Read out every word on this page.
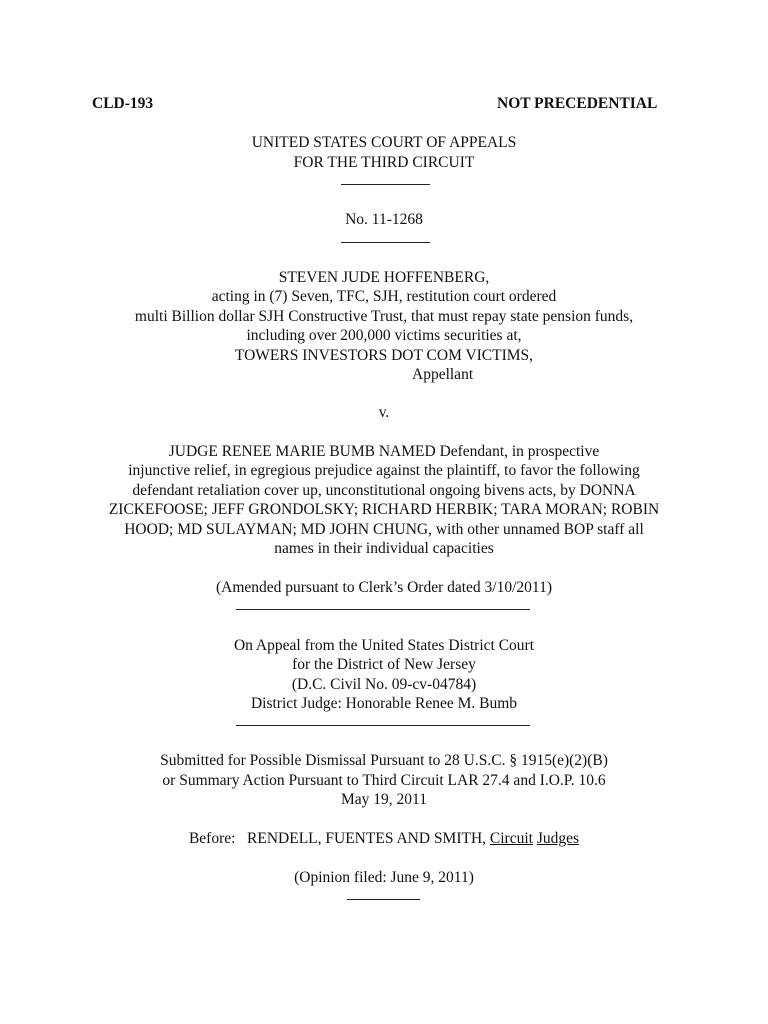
CLD-193	NOT PRECEDENTIAL
UNITED STATES COURT OF APPEALS
FOR THE THIRD CIRCUIT
No. 11-1268
STEVEN JUDE HOFFENBERG,
acting in (7) Seven, TFC, SJH, restitution court ordered
multi Billion dollar SJH Constructive Trust, that must repay state pension funds,
including over 200,000 victims securities at,
TOWERS INVESTORS DOT COM VICTIMS,
Appellant
v.
JUDGE RENEE MARIE BUMB NAMED Defendant, in prospective
injunctive relief, in egregious prejudice against the plaintiff, to favor the following
defendant retaliation cover up, unconstitutional ongoing bivens acts, by DONNA
ZICKEFOOSE; JEFF GRONDOLSKY; RICHARD HERBIK; TARA MORAN; ROBIN
HOOD; MD SULAYMAN; MD JOHN CHUNG, with other unnamed BOP staff all
names in their individual capacities
(Amended pursuant to Clerk’s Order dated 3/10/2011)
On Appeal from the United States District Court
for the District of New Jersey
(D.C. Civil No. 09-cv-04784)
District Judge: Honorable Renee M. Bumb
Submitted for Possible Dismissal Pursuant to 28 U.S.C. § 1915(e)(2)(B)
or Summary Action Pursuant to Third Circuit LAR 27.4 and I.O.P. 10.6
May 19, 2011
Before:   RENDELL, FUENTES AND SMITH, Circuit Judges
(Opinion filed: June 9, 2011)
